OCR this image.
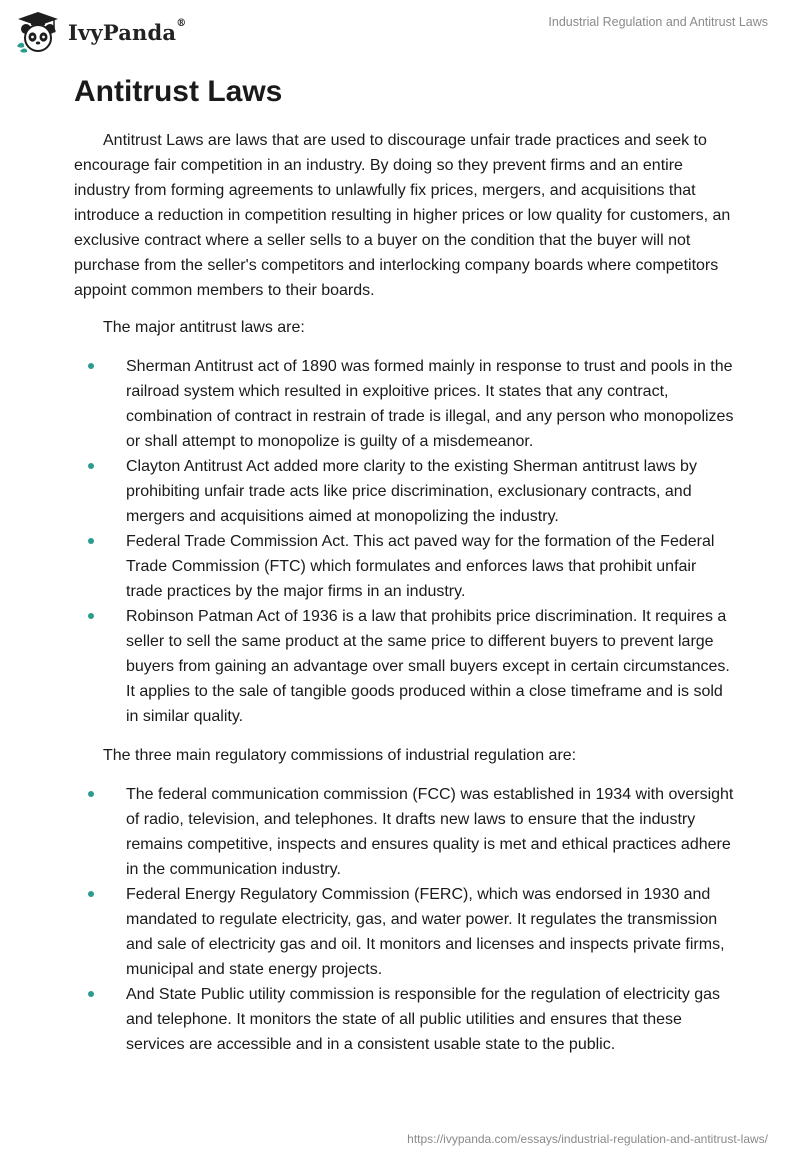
IvyPanda®	Industrial Regulation and Antitrust Laws
Antitrust Laws

Antitrust Laws are laws that are used to discourage unfair trade practices and seek to encourage fair competition in an industry. By doing so they prevent firms and an entire industry from forming agreements to unlawfully fix prices, mergers, and acquisitions that introduce a reduction in competition resulting in higher prices or low quality for customers, an exclusive contract where a seller sells to a buyer on the condition that the buyer will not purchase from the seller's competitors and interlocking company boards where competitors appoint common members to their boards.

The major antitrust laws are:

Sherman Antitrust act of 1890 was formed mainly in response to trust and pools in the railroad system which resulted in exploitive prices. It states that any contract, combination of contract in restrain of trade is illegal, and any person who monopolizes or shall attempt to monopolize is guilty of a misdemeanor.
Clayton Antitrust Act added more clarity to the existing Sherman antitrust laws by prohibiting unfair trade acts like price discrimination, exclusionary contracts, and mergers and acquisitions aimed at monopolizing the industry.
Federal Trade Commission Act. This act paved way for the formation of the Federal Trade Commission (FTC) which formulates and enforces laws that prohibit unfair trade practices by the major firms in an industry.
Robinson Patman Act of 1936 is a law that prohibits price discrimination. It requires a seller to sell the same product at the same price to different buyers to prevent large buyers from gaining an advantage over small buyers except in certain circumstances. It applies to the sale of tangible goods produced within a close timeframe and is sold in similar quality.

The three main regulatory commissions of industrial regulation are:

The federal communication commission (FCC) was established in 1934 with oversight of radio, television, and telephones. It drafts new laws to ensure that the industry remains competitive, inspects and ensures quality is met and ethical practices adhere in the communication industry.
Federal Energy Regulatory Commission (FERC), which was endorsed in 1930 and mandated to regulate electricity, gas, and water power. It regulates the transmission and sale of electricity gas and oil. It monitors and licenses and inspects private firms, municipal and state energy projects.
And State Public utility commission is responsible for the regulation of electricity gas and telephone. It monitors the state of all public utilities and ensures that these services are accessible and in a consistent usable state to the public.
https://ivypanda.com/essays/industrial-regulation-and-antitrust-laws/
